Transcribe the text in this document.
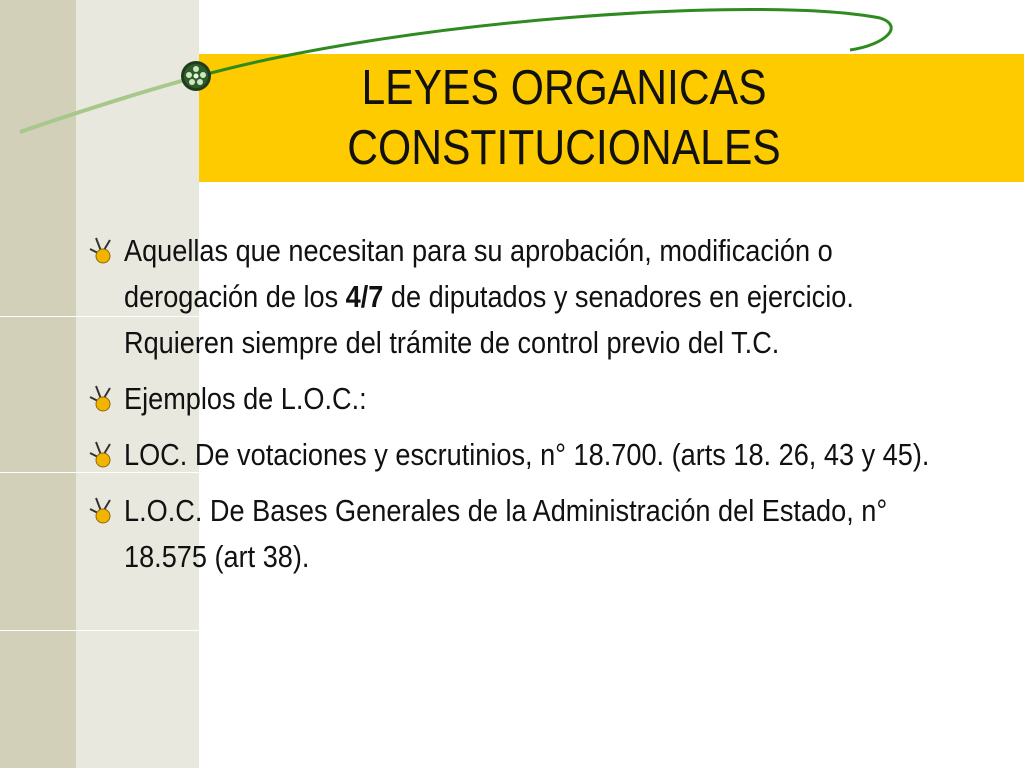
LEYES ORGANICAS
CONSTITUCIONALES
Aquellas que necesitan para su aprobación, modificación o derogación de los 4/7 de diputados y senadores en ejercicio. Rquieren siempre del trámite de control previo del T.C.
Ejemplos de L.O.C.:
LOC. De votaciones y escrutinios, n° 18.700. (arts 18. 26, 43 y 45).
L.O.C. De Bases Generales de la Administración del Estado, n° 18.575 (art 38).
